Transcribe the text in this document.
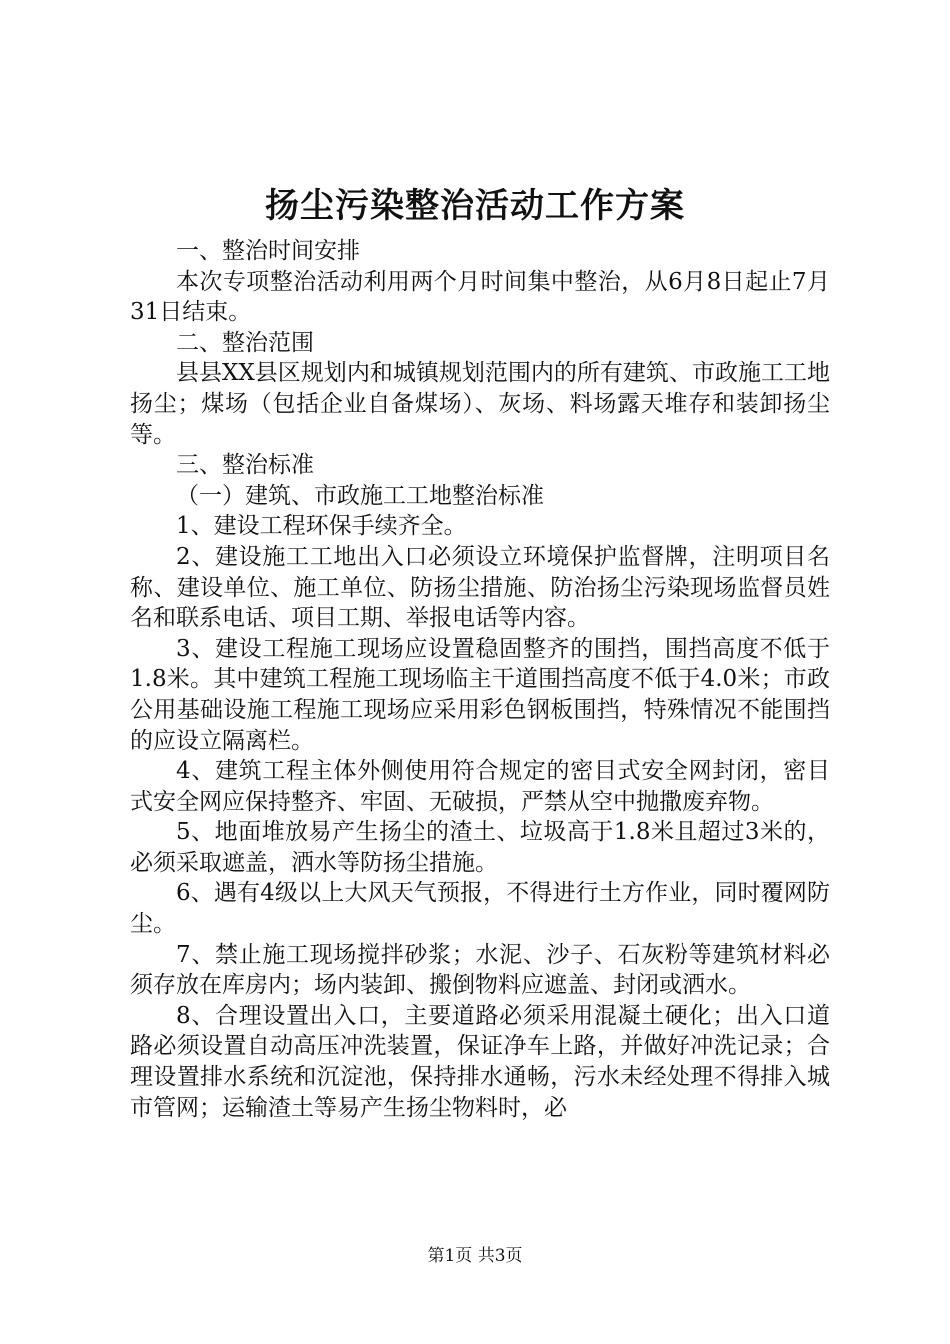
扬尘污染整治活动工作方案

一、整治时间安排

本次专项整治活动利用两个月时间集中整治，从6月8日起止7月31日结束。

二、整治范围

县县XX县区规划内和城镇规划范围内的所有建筑、市政施工工地扬尘；煤场（包括企业自备煤场）、灰场、料场露天堆存和装卸扬尘等。

三、整治标准

（一）建筑、市政施工工地整治标准

1、建设工程环保手续齐全。

2、建设施工工地出入口必须设立环境保护监督牌，注明项目名称、建设单位、施工单位、防扬尘措施、防治扬尘污染现场监督员姓名和联系电话、项目工期、举报电话等内容。

3、建设工程施工现场应设置稳固整齐的围挡，围挡高度不低于1.8米。其中建筑工程施工现场临主干道围挡高度不低于4.0米；市政公用基础设施工程施工现场应采用彩色钢板围挡，特殊情况不能围挡的应设立隔离栏。

4、建筑工程主体外侧使用符合规定的密目式安全网封闭，密目式安全网应保持整齐、牢固、无破损，严禁从空中抛撒废弃物。

5、地面堆放易产生扬尘的渣土、垃圾高于1.8米且超过3米的，必须采取遮盖，洒水等防扬尘措施。

6、遇有4级以上大风天气预报，不得进行土方作业，同时覆网防尘。

7、禁止施工现场搅拌砂浆；水泥、沙子、石灰粉等建筑材料必须存放在库房内；场内装卸、搬倒物料应遮盖、封闭或洒水。

8、合理设置出入口，主要道路必须采用混凝土硬化；出入口道路必须设置自动高压冲洗装置，保证净车上路，并做好冲洗记录；合理设置排水系统和沉淀池，保持排水通畅，污水未经处理不得排入城市管网；运输渣土等易产生扬尘物料时，必

第1页 共3页
